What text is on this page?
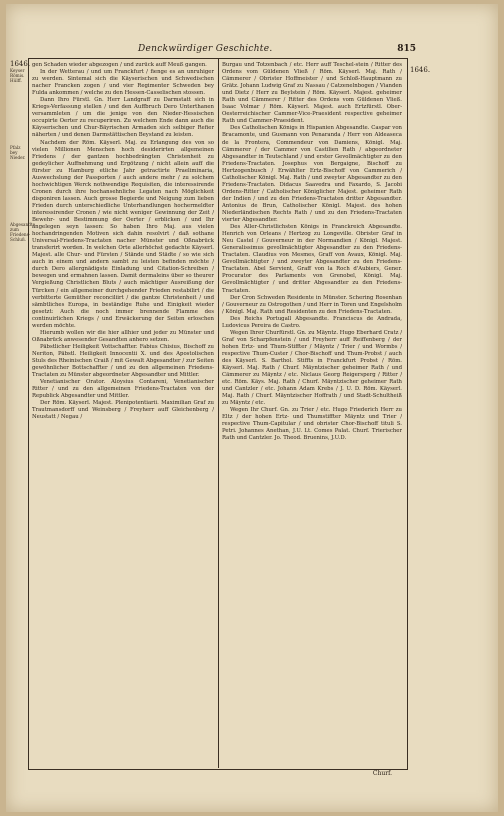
Denckwürdiger Geschichte.	815
1646.
1646.
Keyser Römis. Hülff.
Pfalz bey Nieder.
Abgesandte zum Friedens-Schluß.

gen Schaden wieder abgezogen / und zurück auff Meuß gangen.

In der Wetterau / und um Franckfurt / fienge es an unruhiger zu werden. Sintemal sich die Käyserischen und Schwedischen nacher Francken zogen / und vier Regimenter Schweden bey Fulda ankommen / welche zu den Hessen-Casselischen stossen.

Dann Ihro Fürstl. Gn. Herr Landgraff zu Darmstatt sich in Kriegs-Verfassung stellen / und den Auffbruch Dero Unterthanen versammleten / um die jenige von den Nieder-Hessischen occupirte Oerter zu recuperiren. Zu welchem Ende dann auch die Käyserischen und Chur-Bäyrischen Armaden sich selbiger Refier näherten / und denen Darmstättischen Beystand zu leisten.

Nachdem der Röm. Käyserl. Maj. zu Erlangung des von so vielen Millionen Menschen hoch desiderirten allgemeinen Friedens / der gantzen hochbedrängten Christenheit zu gedeylicher Auffnehmung und Ergötzung / nicht allein auff die fürster zu Hamburg etliche Jahr getractirte Praeliminaria, Auswechslung der Passporten / auch andere mehr / zu solchem hochwichtigen Werck nothwendige Requisiten, die interessirende Cronen durch ihre hochansehnliche Legaten nach Möglichkeit disponiren lassen. Auch grosse Begierde und Neigung zum lieben Frieden durch unterschiedliche Unterhandlungen hochermeldter interessirender Cronen / wie nicht weniger Gewinnung der Zeit / Bewehr- und Bestimmung der Oerter / erblicken / und Ihr angelegen seyn lassen: So haben Ihro Maj. aus vielen hochandringenden Motiven sich dahin resolvirt / daß sothane Universal-Friedens-Tractaten nacher Münster und Oßnabrück transferirt worden. In welchen Orte allerhöchst gedachte Käyserl. Majest. alle Chur- und Fürsten / Stände und Städte / so wie sich auch in einem und andern sambt zu leisten befinden möchte / durch Dero allergnädigste Einladung und Citation-Schreiben / bewegen und ermahnen lassen. Damit dermaleins über so theurer Vergießung Christlichen Bluts / auch mächtiger Ausreißung der Türcken / ein allgemeiner durchgehender Frieden restabilirt / die verbitterte Gemüther reconciliirt / die gantze Christenheit / und sämbtliches Europa, in beständige Ruhe und Einigkeit wieder gesetzt: Auch die noch immer brennende Flamme des continuirlichen Kriegs / und Erwäckerung der Seiten erloschen werden möchte.

Hierumb wollen wir die hier allhier und jeder zu Münster und Oßnabrück anwesender Gesandten anhero setzen.

Päbstlicher Heiligkeit Vottschaffter. Fabius Chisius, Bischoff zu Neriton, Päbstl. Heiligkeit Innocentii X. und des Apostolischen Stuls des Rheinischen Craiß / mit Gewalt Abgesandter / zur Seiten gewöhnlicher Bottschaffter / und zu den allgemeinen Friedens-Tractaten zu Münster abgeordneter Abgesandter und Mittler.

Venetianischer Orator. Aloysius Contareni, Venetianischer Ritter / und zu den allgemeinen Friedens-Tractaten von der Republick Abgesandter und Mittler.

Der Röm. Käyserl. Majest. Plenipotentiarii. Maximilian Graf zu Trautmansdorff und Weinsberg / Freyherr auff Gleichenberg / Neustatt / Negau /

Burgau und Totzenbach / etc. Herr auff Teschel-stein / Ritter des Ordens vom Güldenen Vließ / Röm. Käyserl. Maj. Rath / Cämmerer / Obrister Hoffmeister / und Schloß-Hauptmann zu Grätz. Johann Ludwig Graf zu Nassau / Catzenelnbogen / Vianden und Dietz / Herr zu Beylstein / Röm. Käyserl. Majest. geheimer Rath und Cämmerer / Ritter des Ordens vom Güldenen Vließ. Isaac Volmar / Röm. Käyserl. Majest. auch Ertzfürstl. Ober-Oesterreichischer Cammer-Vice-Praesident respective geheimer Rath und Cammer-Praesident.

Des Catholischen Königs in Hispanien Abgesandte. Caspar von Bracamonte, und Gusmann von Penaranda / Herr von Aldeaseca de la Frontera, Commendeur von Damiens, Königl. Maj. Cämmerer / der Cammer von Castilien Rath / abgeordneter Abgesandter in Teutschland / und erster Gevollmächtigter zu den Friedens-Tractaten. Josephus von Bergaigne, Bischoff zu Hertzogenbusch / Erwählter Ertz-Bischoff von Cammerich / Catholischer Königl. Maj. Rath / und zweyter Abgesandter zu den Friedens-Tractaten. Didacus Saavedra und Faxardo, S. Jacobi Ordens-Ritter / Catholischer Königlicher Majest. geheimer Rath der Indien / und zu den Friedens-Tractaten dritter Abgesandter. Antonius de Brun, Catholischer Königl. Majest. des hohen Niederländischen Rechts Rath / und zu den Friedens-Tractaten vierter Abgesandter.

Des Aller-Christlichsten Königs in Franckreich Abgesandte. Henrich von Orleans / Hertzog zu Longeville. Obrister Graf in Neu Castel / Gouverneur in der Normandien / Königl. Majest. Generalissimus gevollmächtigter Abgesandter zu den Friedens-Tractaten. Claudius von Mesmes, Graff von Avaux, Königl. Maj. Gevollmächtigter / und zweyter Abgesandter zu den Friedens-Tractaten. Abel Servient, Graff von la Roch d'Aubiers, Gener. Procurator des Parlaments von Grenobel, Königl. Maj. Gevollmächtigter / und dritter Abgesandter zu den Friedens-Tractaten.

Der Cron Schweden Residente in Münster. Schering Rosenhan / Gouverneur zu Ostrogothen / und Herr in Toren und Engelsholm / Königl. Maj. Rath und Residenten zu den Friedens-Tractaten.

Des Reichs Portugall Abgesandte. Franciscus de Andrada, Ludovicus Pereira de Castro.

Wegen Ihrer Churfürstl. Gn. zu Mäyntz. Hugo Eberhard Cratz / Graf von Scharpfenstein / und Freyherr auff Reiffenberg / der hohen Ertz- und Thum-Stiffter / Mäyntz / Trier / und Wormbs / respective Thum-Custer / Chor-Bischoff und Thum-Probst / auch des Käyserl. S. Barthol. Stiffts in Franckfurt Probst / Röm. Käyserl. Maj. Rath / Churf. Mäyntzischer geheimer Rath / und Cämmerer zu Mäyntz / etc. Niclaus Georg Reigersperg / Ritter / etc. Röm. Käys. Maj. Rath / Churf. Mäyntzischer geheimer Rath und Cantzler / etc. Johann Adam Krebs / J. U. D. Röm. Käyserl. Maj. Rath / Churf. Mäyntzischer Hoffrath / und Stadt-Schultheiß zu Mäyntz / etc.

Wegen Ihr Churf. Gn. zu Trier / etc. Hugo Friederich Herr zu Eltz / der hohen Ertz- und Thumstiffter Mäyntz und Trier / respective Thum-Capitular / und obrister Chor-Bischoff tituli S. Petri. Johannes Anethan, J.U. Lt. Comes Palat. Churf. Trierischer Rath und Cantzler. Jo. Theod. Bruenins, J.U.D.

Churf.
